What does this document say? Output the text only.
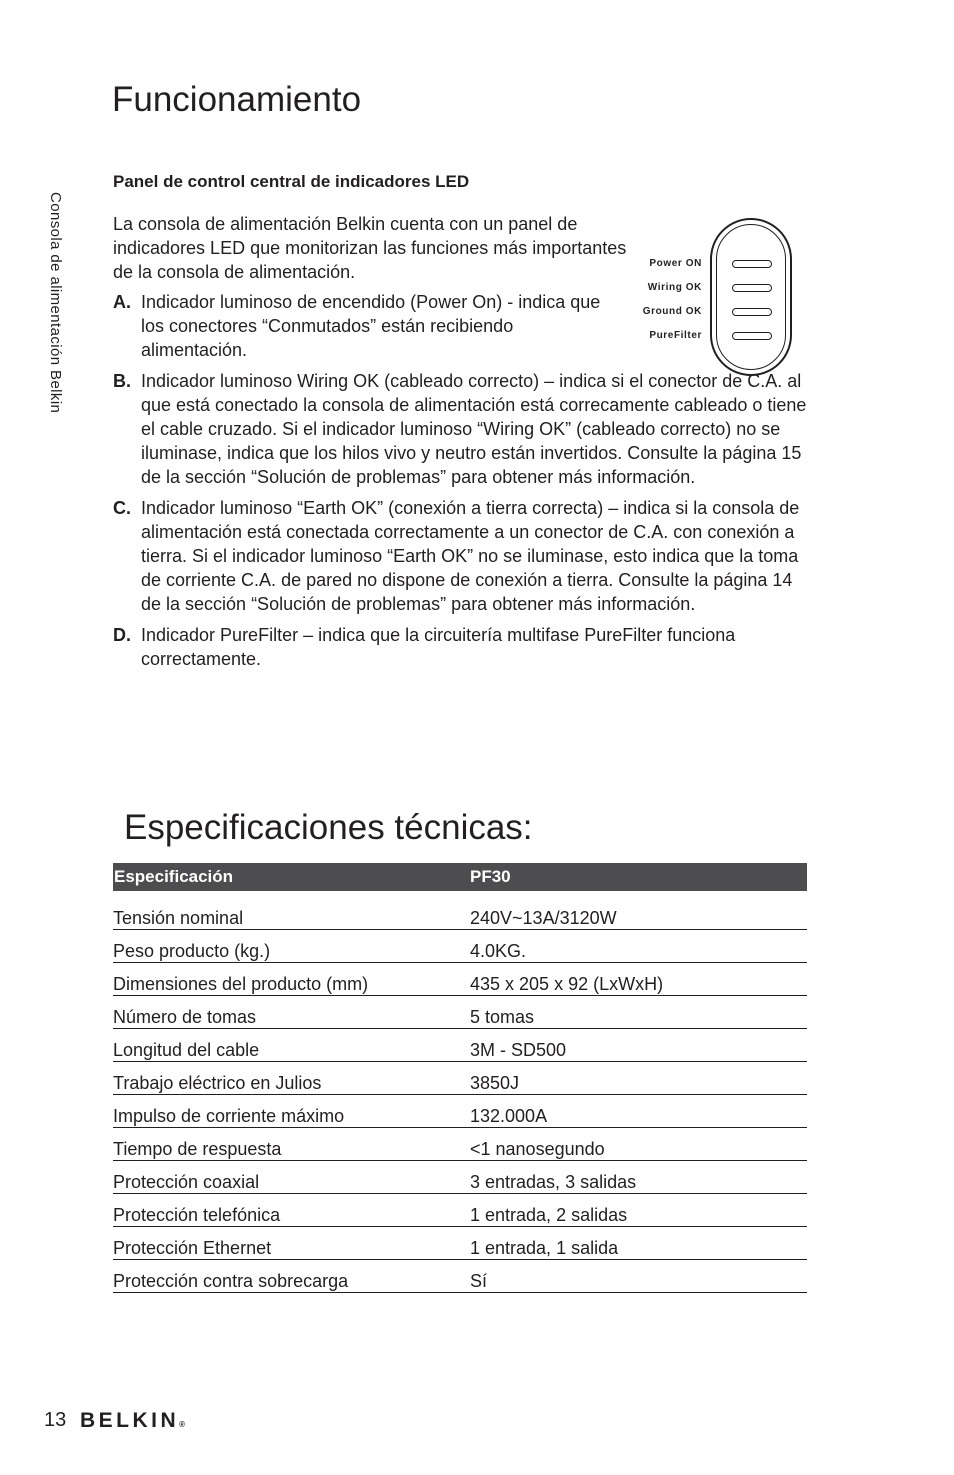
Consola de alimentación Belkin
Funcionamiento
Panel de control central de indicadores LED

La consola de alimentación Belkin cuenta con un panel de indicadores LED que monitorizan las funciones más importantes de la consola de alimentación.

A. Indicador luminoso de encendido (Power On) - indica que los conectores “Conmutados” están recibiendo alimentación.
B. Indicador luminoso Wiring OK (cableado correcto) – indica si el conector de C.A. al que está conectado la consola de alimentación está correcamente cableado o tiene el cable cruzado. Si el indicador luminoso “Wiring OK” (cableado correcto) no se iluminase, indica que los hilos vivo y neutro están invertidos. Consulte la página 15 de la sección “Solución de problemas” para obtener más información.
C. Indicador luminoso “Earth OK” (conexión a tierra correcta) – indica si la consola de alimentación está conectada correctamente a un conector de C.A. con conexión a tierra. Si el indicador luminoso “Earth OK” no se iluminase, esto indica que la toma de corriente C.A. de pared no dispone de conexión a tierra. Consulte la página 14 de la sección “Solución de problemas” para obtener más información.
D. Indicador PureFilter – indica que la circuitería multifase PureFilter funciona correctamente.
Power ON
Wiring OK
Ground OK
PureFilter
Especificaciones técnicas:
Especificación	PF30
Tensión nominal	240V~13A/3120W
Peso producto (kg.)	4.0KG.
Dimensiones del producto (mm)	435 x 205 x 92 (LxWxH)
Número de tomas	5 tomas
Longitud del cable	3M - SD500
Trabajo eléctrico en Julios	3850J
Impulso de corriente máximo	132.000A
Tiempo de respuesta	<1 nanosegundo
Protección coaxial	3 entradas, 3 salidas
Protección telefónica	1 entrada, 2 salidas
Protección Ethernet	1 entrada, 1 salida
Protección contra sobrecarga	Sí
13 BELKIN®
